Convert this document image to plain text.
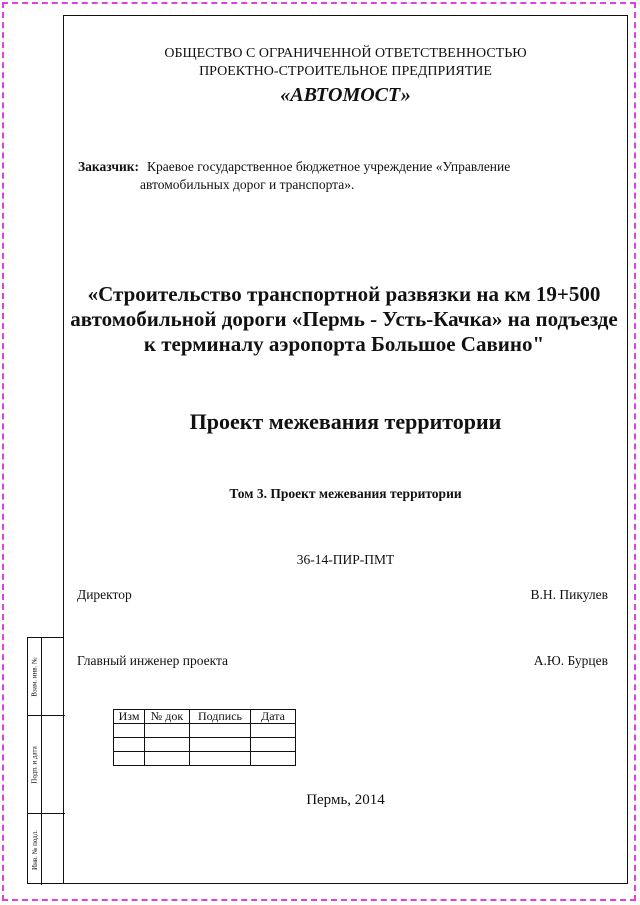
Взам. инв. №
Подп. и дата
Инв. № подл.
ОБЩЕСТВО С ОГРАНИЧЕННОЙ ОТВЕТСТВЕННОСТЬЮ
ПРОЕКТНО-СТРОИТЕЛЬНОЕ ПРЕДПРИЯТИЕ
«АВТОМОСТ»
Заказчик: Краевое государственное бюджетное учреждение «Управление
автомобильных дорог и транспорта».
«Строительство транспортной развязки на км 19+500 автомобильной дороги «Пермь - Усть-Качка» на подъезде к терминалу аэропорта Большое Савино"
Проект межевания территории
Том 3. Проект межевания территории
36-14-ПИР-ПМТ
Директор	В.Н. Пикулев
Главный инженер проекта	А.Ю. Бурцев
Изм	№ док	Подпись	Дата

Пермь, 2014
